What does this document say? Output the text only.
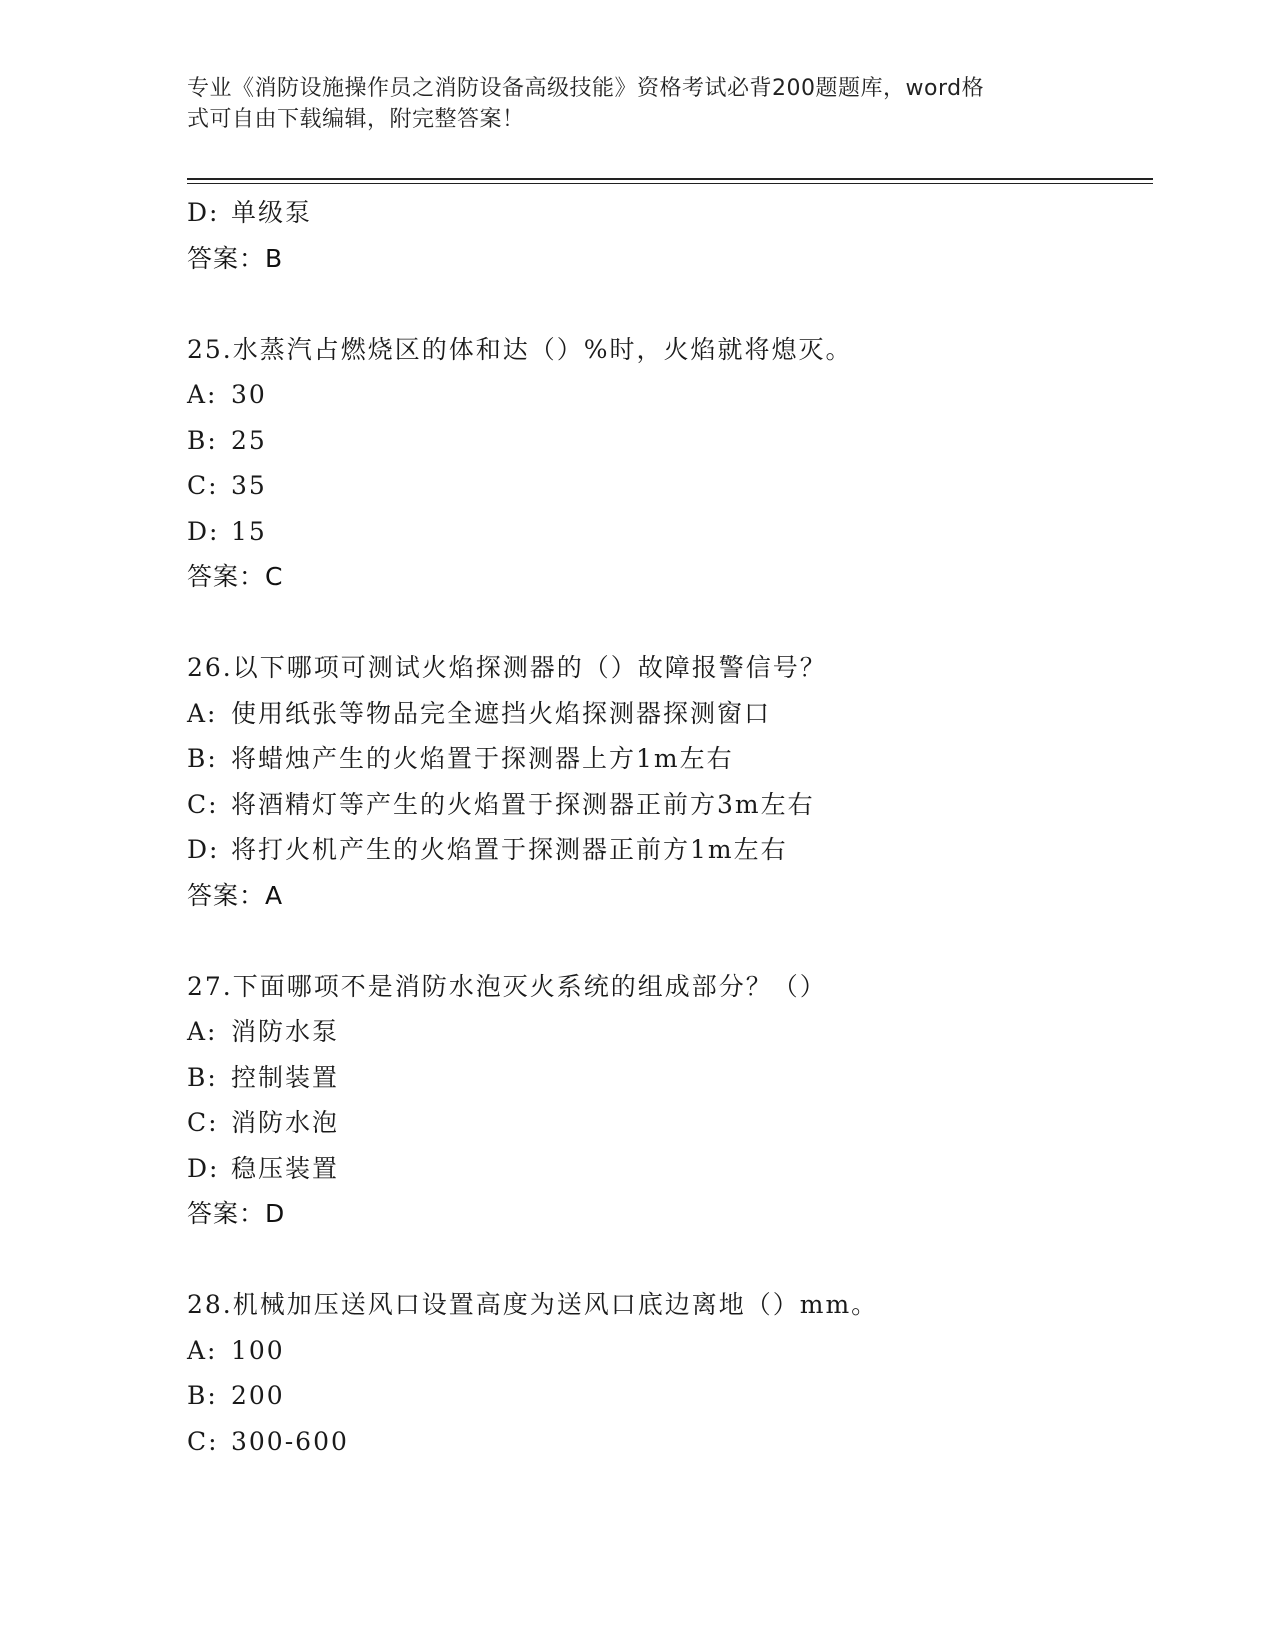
专业《消防设施操作员之消防设备高级技能》资格考试必背200题题库，word格
式可自由下载编辑，附完整答案！
D: 单级泵
答案：B
25.水蒸汽占燃烧区的体和达（）%时，火焰就将熄灭。
A: 30
B: 25
C: 35
D: 15
答案：C
26.以下哪项可测试火焰探测器的（）故障报警信号？
A: 使用纸张等物品完全遮挡火焰探测器探测窗口
B: 将蜡烛产生的火焰置于探测器上方1m左右
C: 将酒精灯等产生的火焰置于探测器正前方3m左右
D: 将打火机产生的火焰置于探测器正前方1m左右
答案：A
27.下面哪项不是消防水泡灭火系统的组成部分？（）
A: 消防水泵
B: 控制装置
C: 消防水泡
D: 稳压装置
答案：D
28.机械加压送风口设置高度为送风口底边离地（）mm。
A: 100
B: 200
C: 300-600
